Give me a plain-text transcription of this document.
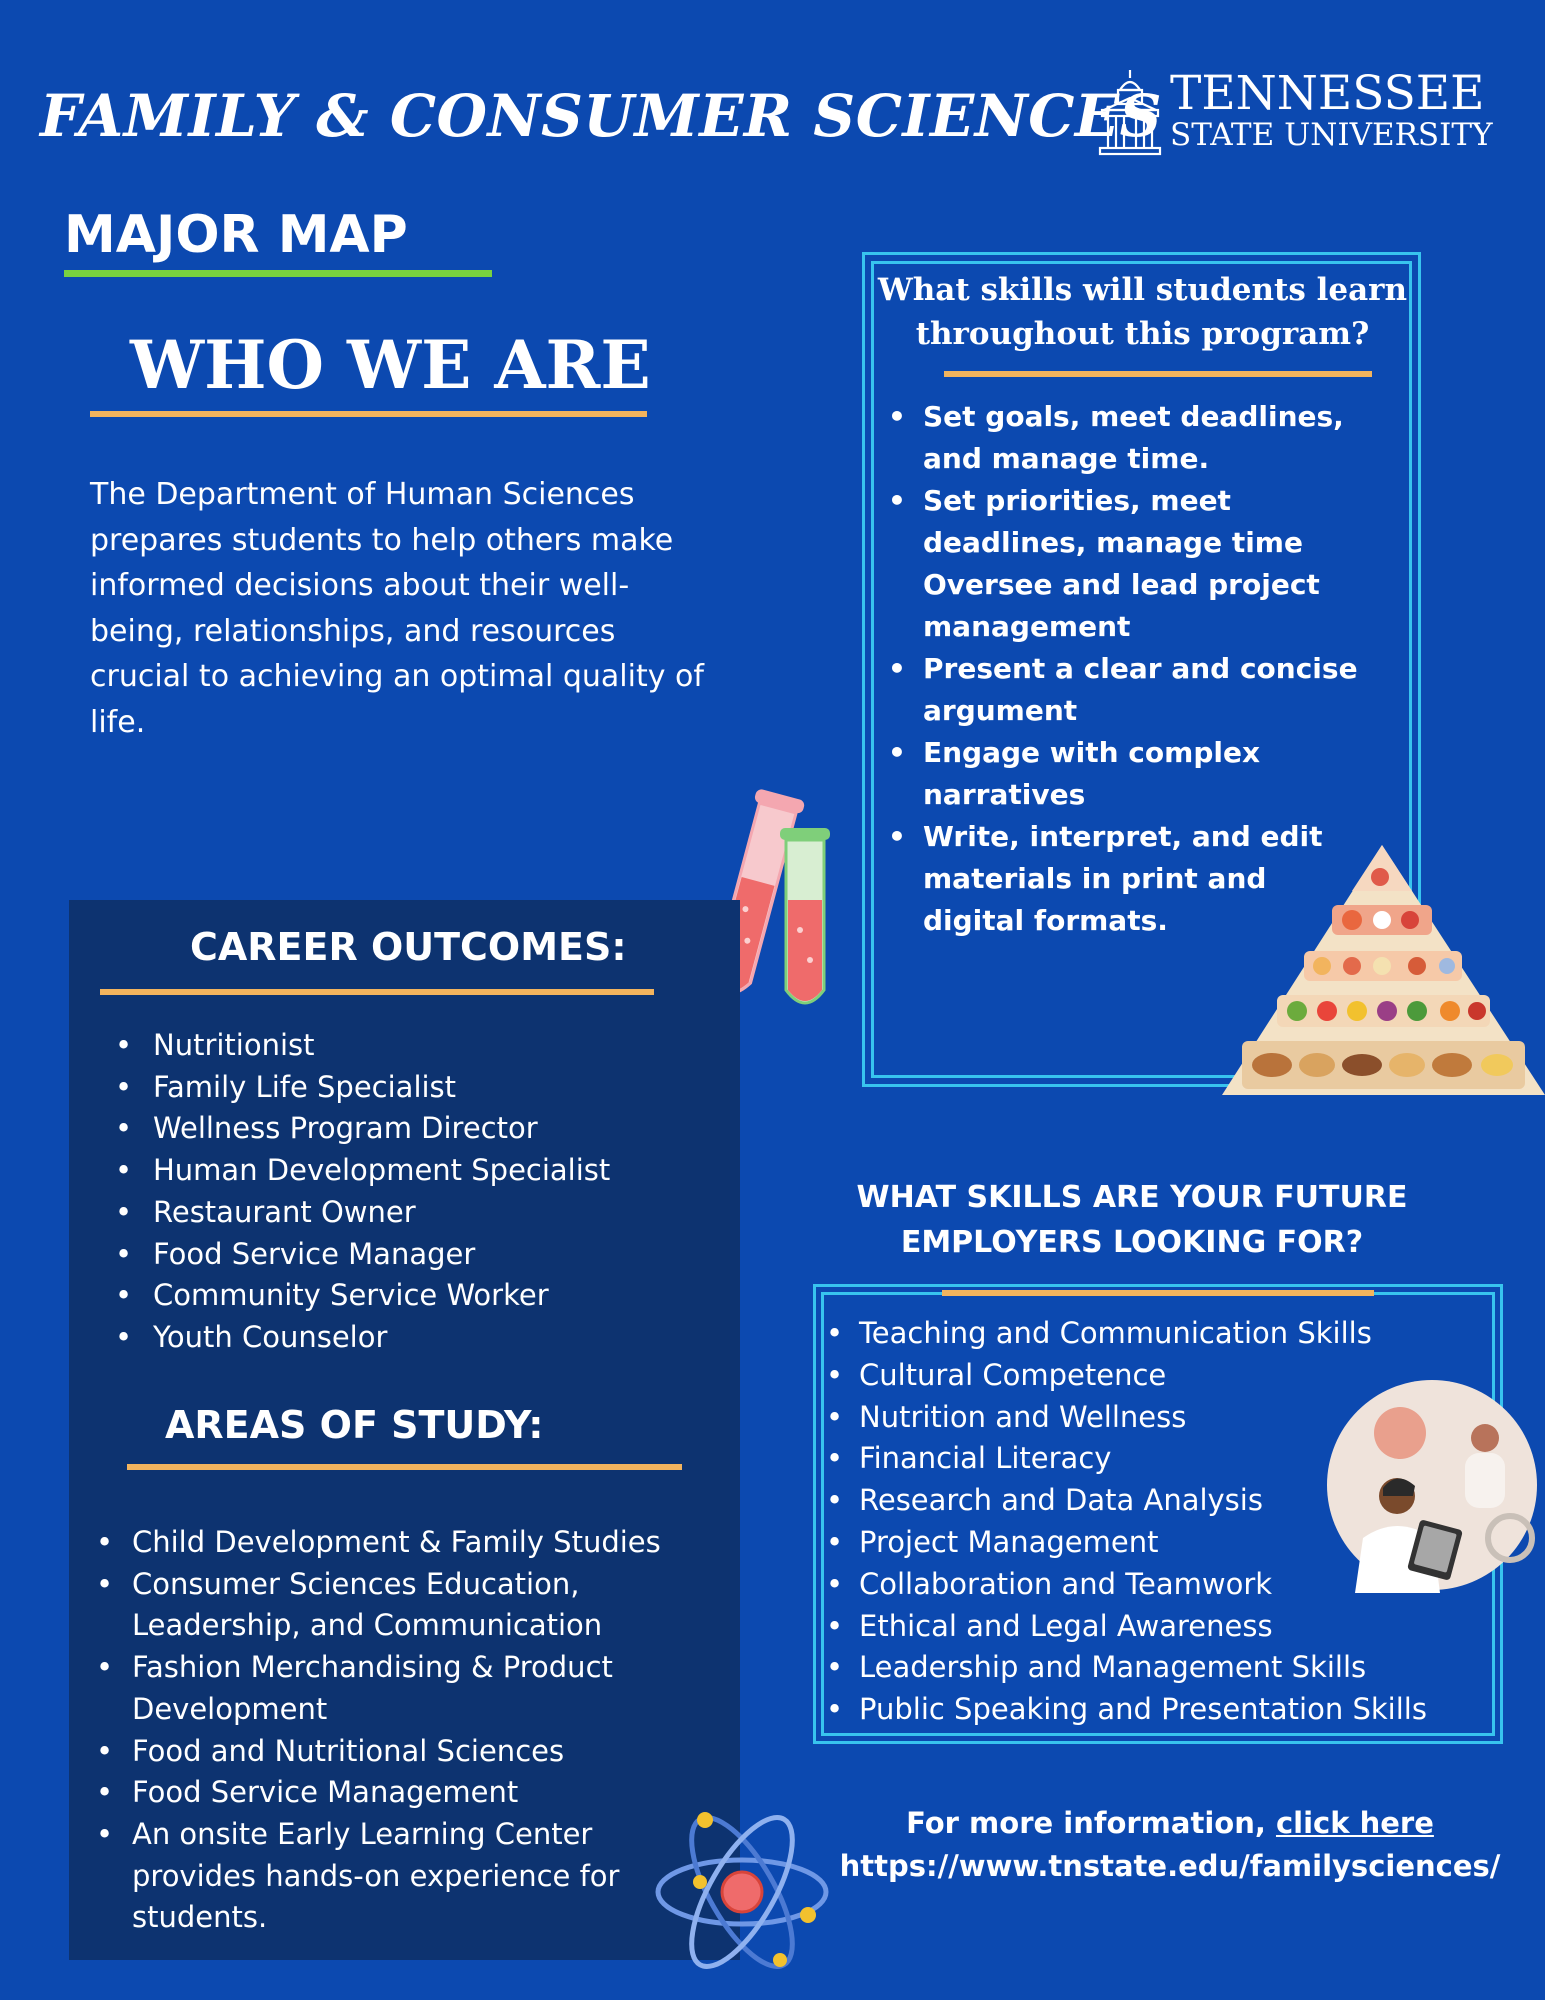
FAMILY & CONSUMER SCIENCES TENNESSEE
STATE UNIVERSITY
MAJOR MAP
WHO WE ARE
The Department of Human Sciences prepares students to help others make informed decisions about their well-being, relationships, and resources crucial to achieving an optimal quality of life.
What skills will students learn throughout this program?
• Set goals, meet deadlines, and manage time.
• Set priorities, meet deadlines, manage time Oversee and lead project management
• Present a clear and concise argument
• Engage with complex narratives
• Write, interpret, and edit materials in print and digital formats.
CAREER OUTCOMES:
• Nutritionist
• Family Life Specialist
• Wellness Program Director
• Human Development Specialist
• Restaurant Owner
• Food Service Manager
• Community Service Worker
• Youth Counselor
AREAS OF STUDY:
• Child Development & Family Studies
• Consumer Sciences Education, Leadership, and Communication
• Fashion Merchandising & Product Development
• Food and Nutritional Sciences
• Food Service Management
• An onsite Early Learning Center provides hands-on experience for students.
WHAT SKILLS ARE YOUR FUTURE EMPLOYERS LOOKING FOR?
• Teaching and Communication Skills
• Cultural Competence
• Nutrition and Wellness
• Financial Literacy
• Research and Data Analysis
• Project Management
• Collaboration and Teamwork
• Ethical and Legal Awareness
• Leadership and Management Skills
• Public Speaking and Presentation Skills
For more information, click here
https://www.tnstate.edu/familysciences/
